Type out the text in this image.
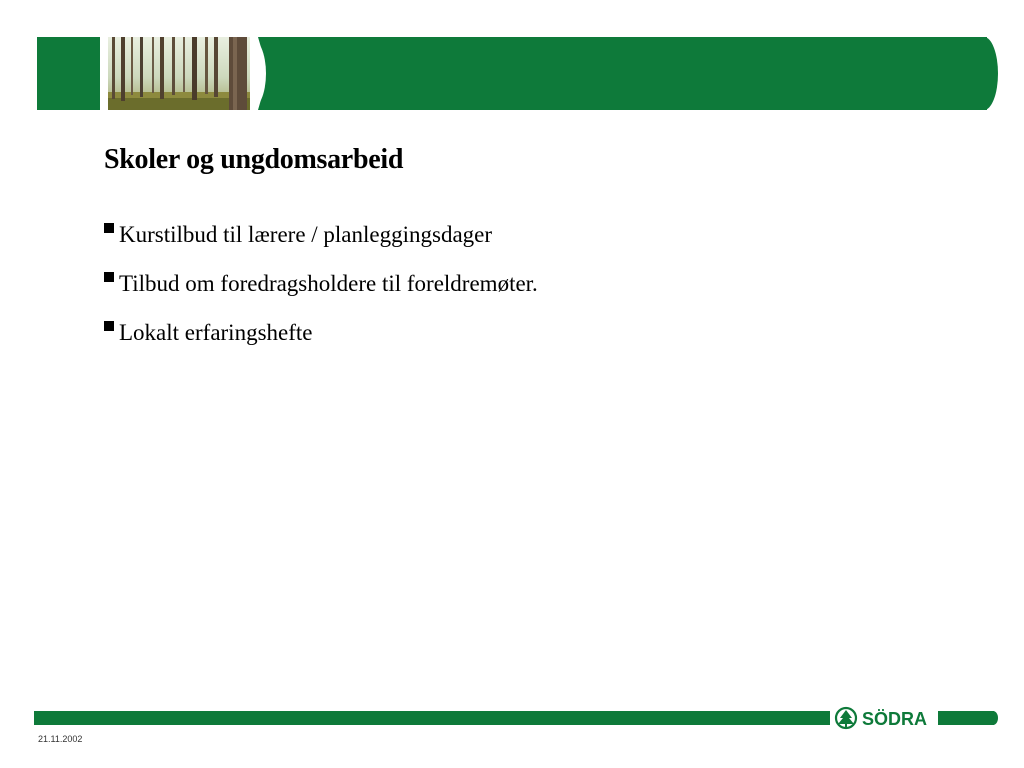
Skoler og ungdomsarbeid
Kurstilbud til lærere / planleggingsdager
Tilbud om foredragsholdere til foreldremøter.
Lokalt erfaringshefte
SÖDRA
21.11.2002
